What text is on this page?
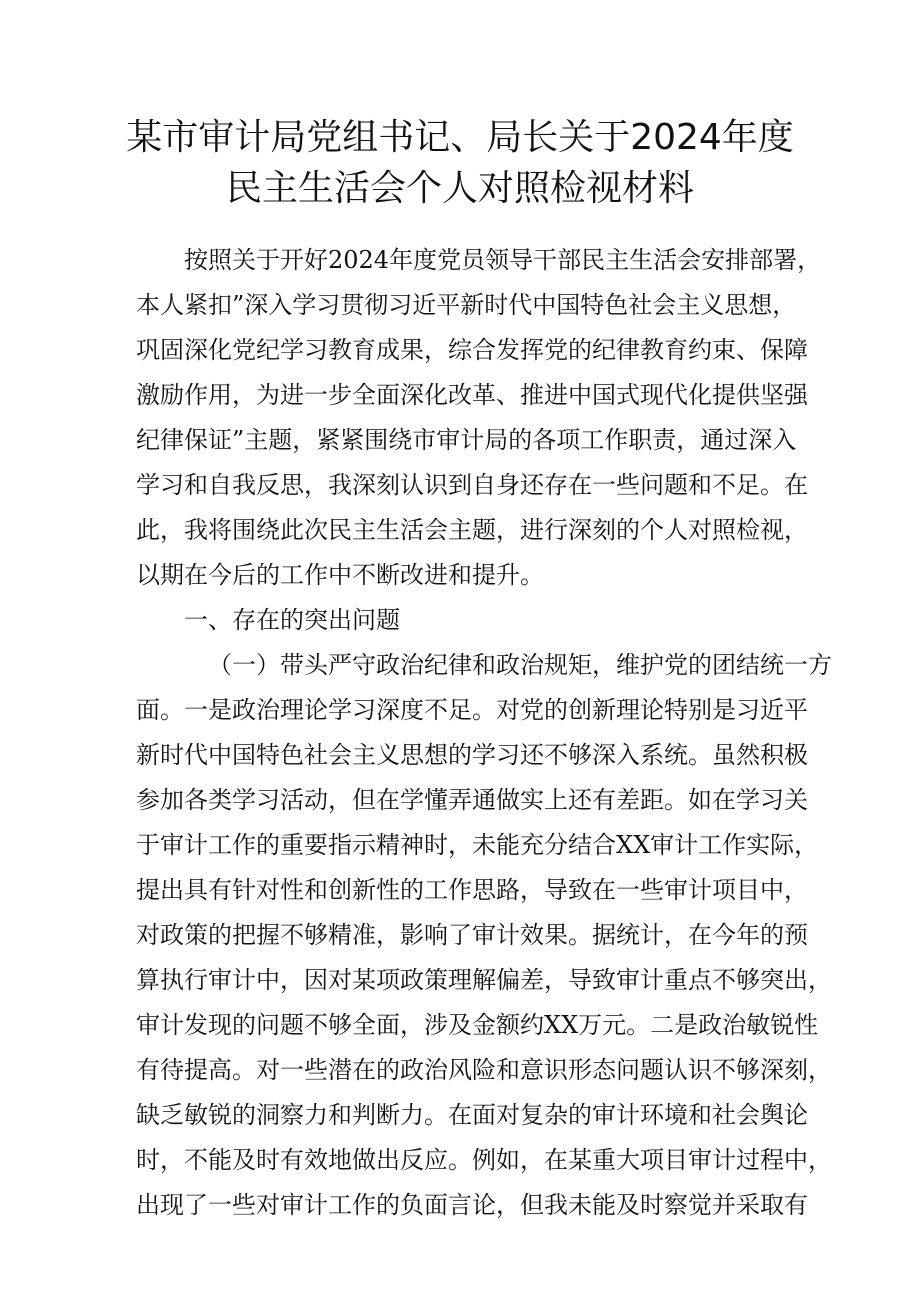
某市审计局党组书记、局长关于2024年度
民主生活会个人对照检视材料

按照关于开好2024年度党员领导干部民主生活会安排部署，
本人紧扣”深入学习贯彻习近平新时代中国特色社会主义思想，
巩固深化党纪学习教育成果，综合发挥党的纪律教育约束、保障
激励作用，为进一步全面深化改革、推进中国式现代化提供坚强
纪律保证”主题，紧紧围绕市审计局的各项工作职责，通过深入
学习和自我反思，我深刻认识到自身还存在一些问题和不足。在
此，我将围绕此次民主生活会主题，进行深刻的个人对照检视，
以期在今后的工作中不断改进和提升。

一、存在的突出问题

（一）带头严守政治纪律和政治规矩，维护党的团结统一方
面。一是政治理论学习深度不足。对党的创新理论特别是习近平
新时代中国特色社会主义思想的学习还不够深入系统。虽然积极
参加各类学习活动，但在学懂弄通做实上还有差距。如在学习关
于审计工作的重要指示精神时，未能充分结合XX审计工作实际，
提出具有针对性和创新性的工作思路，导致在一些审计项目中，
对政策的把握不够精准，影响了审计效果。据统计，在今年的预
算执行审计中，因对某项政策理解偏差，导致审计重点不够突出，
审计发现的问题不够全面，涉及金额约XX万元。二是政治敏锐性
有待提高。对一些潜在的政治风险和意识形态问题认识不够深刻，
缺乏敏锐的洞察力和判断力。在面对复杂的审计环境和社会舆论
时，不能及时有效地做出反应。例如，在某重大项目审计过程中，
出现了一些对审计工作的负面言论，但我未能及时察觉并采取有
